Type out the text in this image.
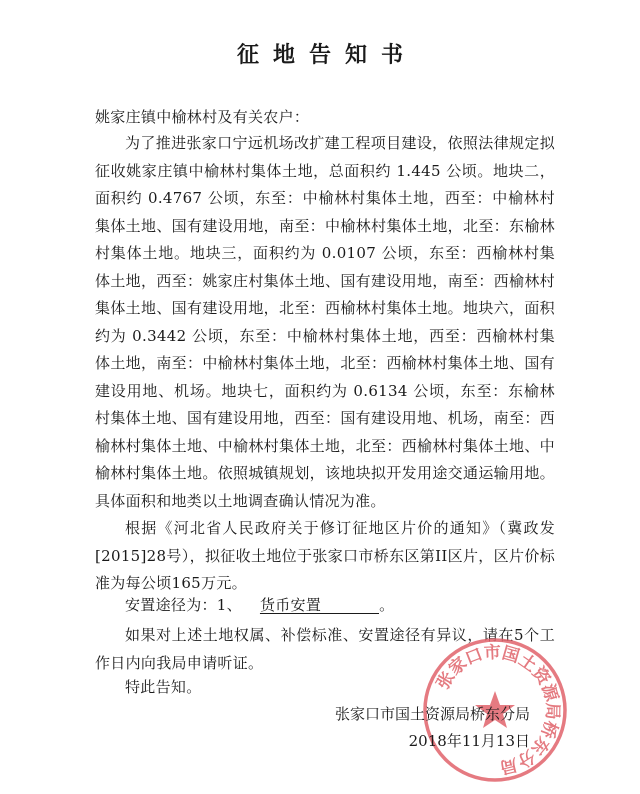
征地告知书
姚家庄镇中榆林村及有关农户：
为了推进张家口宁远机场改扩建工程项目建设，依照法律规定拟征收姚家庄镇中榆林村集体土地，总面积约 1.445 公顷。地块二，面积约 0.4767 公顷，东至：中榆林村集体土地，西至：中榆林村集体土地、国有建设用地，南至：中榆林村集体土地，北至：东榆林村集体土地。地块三，面积约为 0.0107 公顷，东至：西榆林村集体土地，西至：姚家庄村集体土地、国有建设用地，南至：西榆林村集体土地、国有建设用地，北至：西榆林村集体土地。地块六，面积约为 0.3442 公顷，东至：中榆林村集体土地，西至：西榆林村集体土地，南至：中榆林村集体土地，北至：西榆林村集体土地、国有建设用地、机场。地块七，面积约为 0.6134 公顷，东至：东榆林村集体土地、国有建设用地，西至：国有建设用地、机场，南至：西榆林村集体土地、中榆林村集体土地，北至：西榆林村集体土地、中榆林村集体土地。依照城镇规划，该地块拟开发用途交通运输用地。具体面积和地类以土地调查确认情况为准。
根据《河北省人民政府关于修订征地区片价的通知》（冀政发[2015]28号），拟征收土地位于张家口市桥东区第II区片，区片价标准为每公顷165万元。
安置途径为：1、 货币安置	。
如果对上述土地权属、补偿标准、安置途径有异议，请在5个工作日内向我局申请听证。
特此告知。	张家口市国土资源局桥东分局
张家口市国土资源局桥东分局
2018年11月13日
